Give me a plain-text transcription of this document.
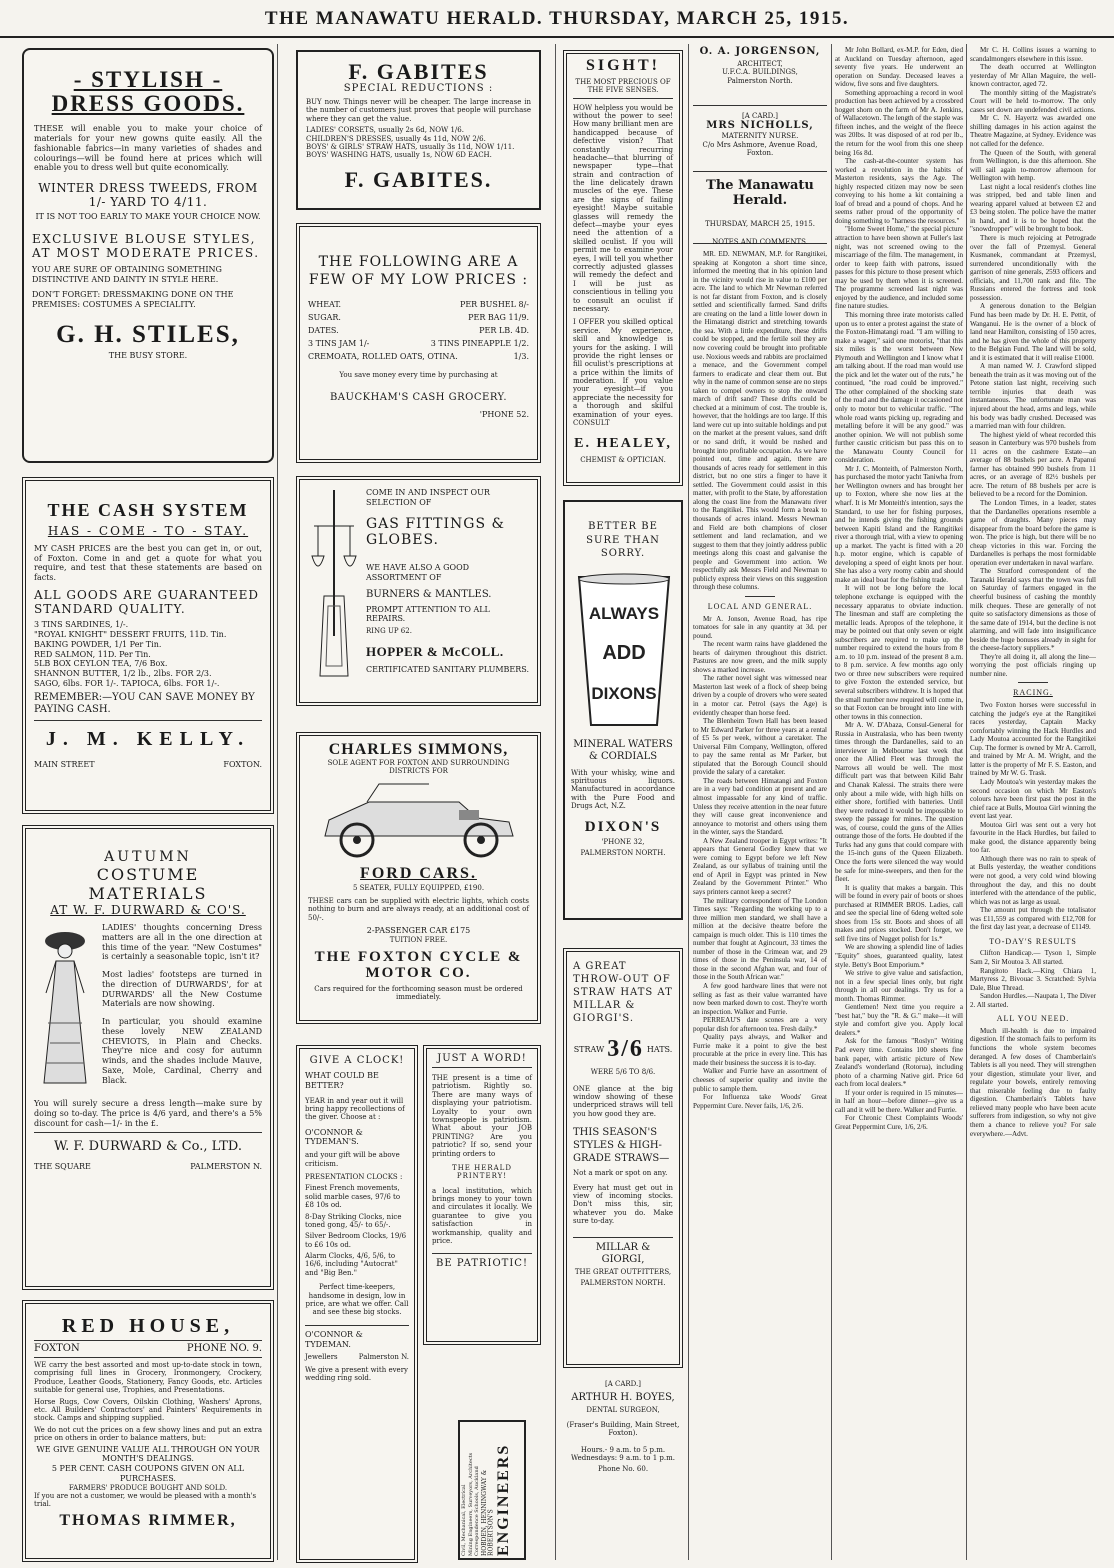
THE MANAWATU HERALD. THURSDAY, MARCH 25, 1915.
- STYLISH - DRESS GOODS.
THESE will enable you to make your choice of materials for your new gowns quite easily. All the fashionable fabrics—in many varieties of shades and colourings—will be found here at prices which will enable you to dress well but quite economically.
WINTER DRESS TWEEDS, FROM 1/- YARD TO 4/11.
IT IS NOT TOO EARLY TO MAKE YOUR CHOICE NOW.
EXCLUSIVE BLOUSE STYLES, AT MOST MODERATE PRICES.
YOU ARE SURE OF OBTAINING SOMETHING DISTINCTIVE AND DAINTY IN STYLE HERE.
DON'T FORGET: DRESSMAKING DONE ON THE PREMISES: COSTUMES A SPECIALITY.
G. H. STILES,
THE BUSY STORE.
THE CASH SYSTEM
HAS - COME - TO - STAY.
MY CASH PRICES are the best you can get in, or out, of Foxton. Come in and get a quote for what you require, and test that these statements are based on facts.
ALL GOODS ARE GUARANTEED STANDARD QUALITY.
3 TINS SARDINES, 1/-.
"ROYAL KNIGHT" DESSERT FRUITS, 11D. Tin.
BAKING POWDER, 1/1 Per Tin.
RED SALMON, 11D. Per Tin.
5LB BOX CEYLON TEA, 7/6 Box.
SHANNON BUTTER, 1/2 lb., 2lbs. FOR 2/3.
SAGO, 6lbs. FOR 1/-. TAPIOCA, 6lbs. FOR 1/-.
REMEMBER:—YOU CAN SAVE MONEY BY PAYING CASH.
J. M. KELLY.
MAIN STREET	FOXTON.
AUTUMN
COSTUME MATERIALS
AT W. F. DURWARD & CO'S.

LADIES' thoughts concerning Dress matters are all in the one direction at this time of the year. "New Costumes" is certainly a seasonable topic, isn't it?

Most ladies' footsteps are turned in the direction of DURWARDS', for at DURWARDS' all the New Costume Materials are now showing.

In particular, you should examine these lovely NEW ZEALAND CHEVIOTS, in Plain and Checks. They're nice and cosy for autumn winds, and the shades include Mauve, Saxe, Mole, Cardinal, Cherry and Black.

You will surely secure a dress length—make sure by doing so to-day. The price is 4/6 yard, and there's a 5% discount for cash—1/- in the £.
W. F. DURWARD & Co., LTD.
THE SQUARE	PALMERSTON N.
RED HOUSE,
FOXTON	PHONE NO. 9.
WE carry the best assorted and most up-to-date stock in town, comprising full lines in Grocery, Ironmongery, Crockery, Produce, Leather Goods, Stationery, Fancy Goods, etc. Articles suitable for general use, Trophies, and Presentations.
Horse Rugs, Cow Covers, Oilskin Clothing, Washers' Aprons, etc. All Builders' Contractors' and Painters' Requirements in stock. Camps and shipping supplied.
We do not cut the prices on a few showy lines and put an extra price on others in order to balance matters, but:
WE GIVE GENUINE VALUE ALL THROUGH ON YOUR MONTH'S DEALINGS.
5 PER CENT. CASH COUPONS GIVEN ON ALL PURCHASES.
FARMERS' PRODUCE BOUGHT AND SOLD.
If you are not a customer, we would be pleased with a month's trial.
THOMAS RIMMER,
F. GABITES
SPECIAL REDUCTIONS :
BUY now. Things never will be cheaper. The large increase in the number of customers just proves that people will purchase where they can get the value.
LADIES' CORSETS, usually 2s 6d, NOW 1/6.
CHILDREN'S DRESSES, usually 4s 11d, NOW 2/6.
BOYS' & GIRLS' STRAW HATS, usually 3s 11d, NOW 1/11.
BOYS' WASHING HATS, usually 1s, NOW 6D EACH.
F. GABITES.
THE FOLLOWING ARE A FEW OF MY LOW PRICES :
WHEAT.	PER BUSHEL 8/-
SUGAR.	PER BAG 11/9.
DATES.	PER LB. 4D.
3 TINS JAM 1/-	3 TINS PINEAPPLE 1/2.
CREMOATA, ROLLED OATS, OTINA.	1/3.
You save money every time by purchasing at
BAUCKHAM'S CASH GROCERY.
'PHONE 52.
COME IN AND INSPECT OUR SELECTION OF
GAS FITTINGS & GLOBES.
WE HAVE ALSO A GOOD ASSORTMENT OF
BURNERS & MANTLES.
PROMPT ATTENTION TO ALL REPAIRS.
RING UP 62.
HOPPER & McCOLL.
CERTIFICATED SANITARY PLUMBERS.
CHARLES SIMMONS,
SOLE AGENT FOR FOXTON AND SURROUNDING DISTRICTS FOR
FORD CARS.
5 SEATER, FULLY EQUIPPED, £190.
THESE cars can be supplied with electric lights, which costs nothing to burn and are always ready, at an additional cost of 50/-.
2-PASSENGER CAR £175
TUITION FREE.
THE FOXTON CYCLE & MOTOR CO.
Cars required for the forthcoming season must be ordered immediately.
GIVE A CLOCK!
WHAT COULD BE BETTER?
YEAR in and year out it will bring happy recollections of the giver. Choose at :
O'CONNOR & TYDEMAN'S.
and your gift will be above criticism.
PRESENTATION CLOCKS :
Finest French movements, solid marble cases, 97/6 to £8 10s od.
8-Day Striking Clocks, nice toned gong, 45/- to 65/-.
Silver Bedroom Clocks, 19/6 to £6 10s od.
Alarm Clocks, 4/6, 5/6, to 16/6, including "Autocrat" and "Big Ben."
Perfect time-keepers, handsome in design, low in price, are what we offer. Call and see these big stocks.
O'CONNOR & TYDEMAN.
Jewellers	Palmerston N.
We give a present with every wedding ring sold.
JUST A WORD!
THE present is a time of patriotism. Rightly so. There are many ways of displaying your patriotism. Loyalty to your own townspeople is patriotism. What about your JOB PRINTING? Are you patriotic? If so, send your printing orders to
THE HERALD PRINTERY!
a local institution, which brings money to your town and circulates it locally. We guarantee to give you satisfaction in workmanship, quality and price.
BE PATRIOTIC!
Civil, Mechanical, Electrical Mining Engineers, Surveyors, Architects Correspondence Schools, Auckland HOBDEN, HENNINGWAY & ROBERTSON'S ENGINEERS
SIGHT!
THE MOST PRECIOUS OF THE FIVE SENSES.
HOW helpless you would be without the power to see! How many brilliant men are handicapped because of defective vision? That constantly recurring headache—that blurring of newspaper type—that strain and contraction of the line delicately drawn muscles of the eye. These are the signs of failing eyesight! Maybe suitable glasses will remedy the defect—maybe your eyes need the attention of a skilled oculist. If you will permit me to examine your eyes, I will tell you whether correctly adjusted glasses will remedy the defect and I will be just as conscientious in telling you to consult an oculist if necessary.
I OFFER you skilled optical service. My experience, skill and knowledge is yours for the asking. I will provide the right lenses or fill oculist's prescriptions at a price within the limits of moderation. If you value your eyesight—if you appreciate the necessity for a thorough and skilful examination of your eyes. CONSULT
E. HEALEY,
CHEMIST & OPTICIAN.
BETTER BE SURE THAN SORRY.
ALWAYS
ADD
DIXONS
MINERAL WATERS
& CORDIALS
With your whisky, wine and spirituous liquors. Manufactured in accordance with the Pure Food and Drugs Act, N.Z.
DIXON'S
'PHONE 32,
PALMERSTON NORTH.
A GREAT THROW-OUT OF STRAW HATS AT MILLAR & GIORGI'S.
STRAW 3/6 HATS.
WERE 5/6 TO 8/6.
ONE glance at the big window showing of these underpriced straws will tell you how good they are.
THIS SEASON'S STYLES & HIGH-GRADE STRAWS—
Not a mark or spot on any.
Every hat must get out in view of incoming stocks. Don't miss this, sir, whatever you do. Make sure to-day.
MILLAR & GIORGI,
THE GREAT OUTFITTERS,
PALMERSTON NORTH.
[A CARD.]
ARTHUR H. BOYES,
DENTAL SURGEON,
(Fraser's Building, Main Street, Foxton).
Hours.- 9 a.m. to 5 p.m. Wednesdays: 9 a.m. to 1 p.m.
Phone No. 60.
O. A. JORGENSON,
ARCHITECT,
U.F.C.A. BUILDINGS,
Palmerston North.
[A CARD.]
MRS NICHOLLS,
MATERNITY NURSE.
C/o Mrs Ashmore, Avenue Road, Foxton.
The Manawatu Herald.
THURSDAY, MARCH 25, 1915.
NOTES AND COMMENTS.

MR. ED. NEWMAN, M.P. for Rangitikei, speaking at Kongoton a short time since, informed the meeting that in his opinion land in the vicinity would rise in value to £100 per acre. The land to which Mr Newman referred is not far distant from Foxton, and is closely settled and scientifically farmed. Sand drifts are creating on the land a little lower down in the Himatangi district and stretching towards the sea. With a little expenditure, these drifts could be stopped, and the fertile soil they are now covering could be brought into profitable use. Noxious weeds and rabbits are proclaimed a menace, and the Government compel farmers to eradicate and clear them out. But why in the name of common sense are no steps taken to compel owners to stop the onward march of drift sand? These drifts could be checked at a minimum of cost. The trouble is, however, that the holdings are too large. If this land were cut up into suitable holdings and put on the market at the present values, sand drift or no sand drift, it would be rushed and brought into profitable occupation. As we have pointed out, time and again, there are thousands of acres ready for settlement in this district, but no one stirs a finger to have it settled. The Government could assist in this matter, with profit to the State, by afforestation along the coast line from the Manawatu river to the Rangitikei. This would form a break to thousands of acres inland. Messrs Newman and Field are both champions of closer settlement and land reclamation, and we suggest to them that they jointly address public meetings along this coast and galvanise the people and Government into action. We respectfully ask Messrs Field and Newman to publicly express their views on this suggestion through these columns.

LOCAL AND GENERAL.

Mr A. Jonson, Avenue Road, has ripe tomatoes for sale in any quantity at 3d. per pound.

The recent warm rains have gladdened the hearts of dairymen throughout this district. Pastures are now green, and the milk supply shows a marked increase.

The rather novel sight was witnessed near Masterton last week of a flock of sheep being driven by a couple of drovers who were seated in a motor car. Petrol (says the Age) is evidently cheaper than horse feed.

The Blenheim Town Hall has been leased to Mr Edward Parker for three years at a rental of £5 5s per week, without a caretaker. The Universal Film Company, Wellington, offered to pay the same rental as Mr Parker, but stipulated that the Borough Council should provide the salary of a caretaker.

The roads between Himatangi and Foxton are in a very bad condition at present and are almost impassable for any kind of traffic. Unless they receive attention in the near future they will cause great inconvenience and annoyance to motorist and others using them in the winter, says the Standard.

A New Zealand trooper in Egypt writes: "It appears that General Godley knew that we were coming to Egypt before we left New Zealand, as our syllabus of training until the end of April in Egypt was printed in New Zealand by the Government Printer." Who says printers cannot keep a secret?

The military correspondent of The London Times says: "Regarding the working up to a three million men standard, we shall have a million at the decisive theatre before the campaign is much older. This is 110 times the number that fought at Agincourt, 33 times the number of those in the Crimean war, and 29 times of those in the Peninsula war, 14 of those in the second Afghan war, and four of those in the South African war."

A few good hardware lines that were not selling as fast as their value warranted have now been marked down to cost. They're worth an inspection. Walker and Furrie.

PERREAU'S date scones are a very popular dish for afternoon tea. Fresh daily.*

Quality pays always, and Walker and Furrie make it a point to give the best procurable at the price in every line. This has made their business the success it is to-day.

Walker and Furrie have an assortment of cheeses of superior quality and invite the public to sample them.

For Influenza take Woods' Great Peppermint Cure. Never fails, 1/6, 2/6.

Mr John Bollard, ex-M.P. for Eden, died at Auckland on Tuesday afternoon, aged seventy five years. He underwent an operation on Sunday. Deceased leaves a widow, five sons and five daughters.

Something approaching a record in wool production has been achieved by a crossbred hogget shorn on the farm of Mr A. Jenkins, of Wallacetown. The length of the staple was fifteen inches, and the weight of the fleece was 20lbs. It was disposed of at rod per lb., the return for the wool from this one sheep being 16s 8d.

The cash-at-the-counter system has worked a revolution in the habits of Masterton residents, says the Age. The highly respected citizen may now be seen conveying to his home a kit containing a loaf of bread and a pound of chops. And he seems rather proud of the opportunity of doing something to "harness the resources."

"Home Sweet Home," the special picture attraction to have been shown at Fuller's last night, was not screened owing to the miscarriage of the film. The management, in order to keep faith with patrons, issued passes for this picture to those present which may be used by them when it is screened. The programme screened last night was enjoyed by the audience, and included some fine nature studies.

This morning three irate motorists called upon us to enter a protest against the state of the Foxton-Himatangi road. "I am willing to make a wager," said one motorist, "that this six miles is the worst between New Plymouth and Wellington and I know what I am talking about. If the road man would use the pick and let the water out of the ruts," he continued, "the road could be improved." The other complained of the shocking state of the road and the damage it occasioned not only to motor but to vehicular traffic. "The whole road wants picking up, regrading and metalling before it will be any good." was another opinion. We will not publish some further caustic criticism but pass this on to the Manawatu County Council for consideration.

Mr J. C. Monteith, of Palmerston North, has purchased the motor yacht Taniwha from her Wellington owners and has brought her up to Foxton, where she now lies at the wharf. It is Mr Monteith's intention, says the Standard, to use her for fishing purposes, and he intends giving the fishing grounds between Kapiti Island and the Rangitikei river a thorough trial, with a view to opening up a market. The yacht is fitted with a 20 h.p. motor engine, which is capable of developing a speed of eight knots per hour. She has also a very roomy cabin and should make an ideal boat for the fishing trade.

It will not be long before the local telephone exchange is equipped with the necessary apparatus to obviate induction. The linesman and staff are completing the metallic leads. Apropos of the telephone, it may be pointed out that only seven or eight subscribers are required to make up the number required to extend the hours from 8 a.m. to 10 p.m. instead of the present 8 a.m. to 8 p.m. service. A few months ago only two or three new subscribers were required to give Foxton the extended service, but several subscribers withdrew. It is hoped that the small number now required will come in, so that Foxton can be brought into line with other towns in this connection.

Mr A. W. D'Abaza, Consul-General for Russia in Australasia, who has been twenty times through the Dardanelles, said to an interviewer in Melbourne last week that once the Allied Fleet was through the Narrows all would be well. The most difficult part was that between Kilid Bahr and Chanak Kalessi. The straits there were only about a mile wide, with high hills on either shore, fortified with batteries. Until they were reduced it would be impossible to sweep the passage for mines. The question was, of course, could the guns of the Allies outrange those of the forts. He doubted if the Turks had any guns that could compare with the 15-inch guns of the Queen Elizabeth. Once the forts were silenced the way would be safe for mine-sweepers, and then for the fleet.

It is quality that makes a bargain. This will be found in every pair of boots or shoes purchased at RIMMER BROS. Ladies, call and see the special line of 6deng welted sole shoes from 15s str. Boots and shoes of all makes and prices stocked. Don't forget, we sell five tins of Nugget polish for 1s.*

We are showing a splendid line of ladies "Equity" shoes, guaranteed quality, latest style. Betty's Boot Emporium.*

We strive to give value and satisfaction, not in a few special lines only, but right through in all our dealings. Try us for a month. Thomas Rimmer.

Gentlemen! Next time you require a "best hat," buy the "R. & G." make—it will style and comfort give you. Apply local dealers.*

Ask for the famous "Roslyn" Writing Pad every time. Contains 100 sheets fine bank paper, with artistic picture of New Zealand's wonderland (Rotorua), including photo of a charming Native girl. Price 6d each from local dealers.*

If your order is required in 15 minutes—in half an hour—before dinner—give us a call and it will be there. Walker and Furrie.

For Chronic Chest Complaints Woods' Great Peppermint Cure, 1/6, 2/6.

Mr C. H. Collins issues a warning to scandalmongers elsewhere in this issue.

The death occurred at Wellington yesterday of Mr Allan Maguire, the well-known contractor, aged 72.

The monthly sitting of the Magistrate's Court will be held to-morrow. The only cases set down are undefended civil actions.

Mr C. N. Hayertz was awarded one shilling damages in his action against the Theatre Magazine, at Sydney. Evidence was not called for the defence.

The Queen of the South, with general from Wellington, is due this afternoon. She will sail again to-morrow afternoon for Wellington with hemp.

Last night a local resident's clothes line was stripped, bed and table linen and wearing apparel valued at between £2 and £3 being stolen. The police have the matter in hand, and it is to be hoped that the "snowdropper" will be brought to book.

There is much rejoicing at Petrograde over the fall of Przemysl. General Kusmanek, commandant at Przemysl, surrendered unconditionally with the garrison of nine generals, 2593 officers and officials, and 11,700 rank and file. The Russians entered the fortress and took possession.

A generous donation to the Belgian Fund has been made by Dr. H. E. Pettit, of Wanganui. He is the owner of a block of land near Hamilton, consisting of 150 acres, and he has given the whole of this property to the Belgian Fund. The land will be sold, and it is estimated that it will realise £1000.

A man named W. J. Crawford slipped beneath the train as it was moving out of the Petone station last night, receiving such terrible injuries that death was instantaneous. The unfortunate man was injured about the head, arms and legs, while his body was badly crushed. Deceased was a married man with four children.

The highest yield of wheat recorded this season in Canterbury was 970 bushels from 11 acres on the cashmere Estate—an average of 88 bushels per acre. A Papanui farmer has obtained 990 bushels from 11 acres, or an average of 82½ bushels per acre. The return of 88 bushels per acre is believed to be a record for the Dominion.

The London Times, in a leader, states that the Dardanelles operations resemble a game of draughts. Many pieces may disappear from the board before the game is won. The price is high, but there will be no cheap victories in this war. Forcing the Dardanelles is perhaps the most formidable operation ever undertaken in naval warfare.

The Stratford correspondent of the Taranaki Herald says that the town was full on Saturday of farmers engaged in the cheerful business of cashing the monthly milk cheques. These are generally of not quite so satisfactory dimensions as those of the same date of 1914, but the decline is not alarming, and will fade into insignificance beside the huge bonuses already in sight for the cheese-factory suppliers.*

They're all doing it, all along the line—worrying the post officials ringing up number nine.

RACING.

Two Foxton horses were successful in catching the judge's eye at the Rangitikei races yesterday, Captain Macky comfortably winning the Hack Hurdles and Lady Moutoa accounted for the Rangitikei Cup. The former is owned by Mr A. Carroll, and trained by Mr A. M. Wright, and the latter is the property of Mr F. S. Easton, and trained by Mr W. G. Trask.

Lady Moutoa's win yesterday makes the second occasion on which Mr Easton's colours have been first past the post in the chief race at Bulls, Moutoa Girl winning the event last year.

Moutoa Girl was sent out a very hot favourite in the Hack Hurdles, but failed to make good, the distance apparently being too far.

Although there was no rain to speak of at Bulls yesterday, the weather conditions were not good, a very cold wind blowing throughout the day, and this no doubt interfered with the attendance of the public, which was not as large as usual.

The amount put through the totalisator was £11,559 as compared with £12,708 for the first day last year, a decrease of £1149.

TO-DAY'S RESULTS

Clifton Handicap.— Tyson 1, Simple Sam 2, Sir Moutoa 3. All started.

Rangitoto Hack.—King Chiara 1, Martyress 2, Bivouac 3. Scratched: Sylvia Dale, Blue Thread.

Sandon Hurdles.—Naupata 1, The Diver 2. All started.

ALL YOU NEED.

Much ill-health is due to impaired digestion. If the stomach fails to perform its functions the whole system becomes deranged. A few doses of Chamberlain's Tablets is all you need. They will strengthen your digestion, stimulate your liver, and regulate your bowels, entirely removing that miserable feeling due to faulty digestion. Chamberlain's Tablets have relieved many people who have been acute sufferers from indigestion, so why not give them a chance to relieve you? For sale everywhere.—Advt.
